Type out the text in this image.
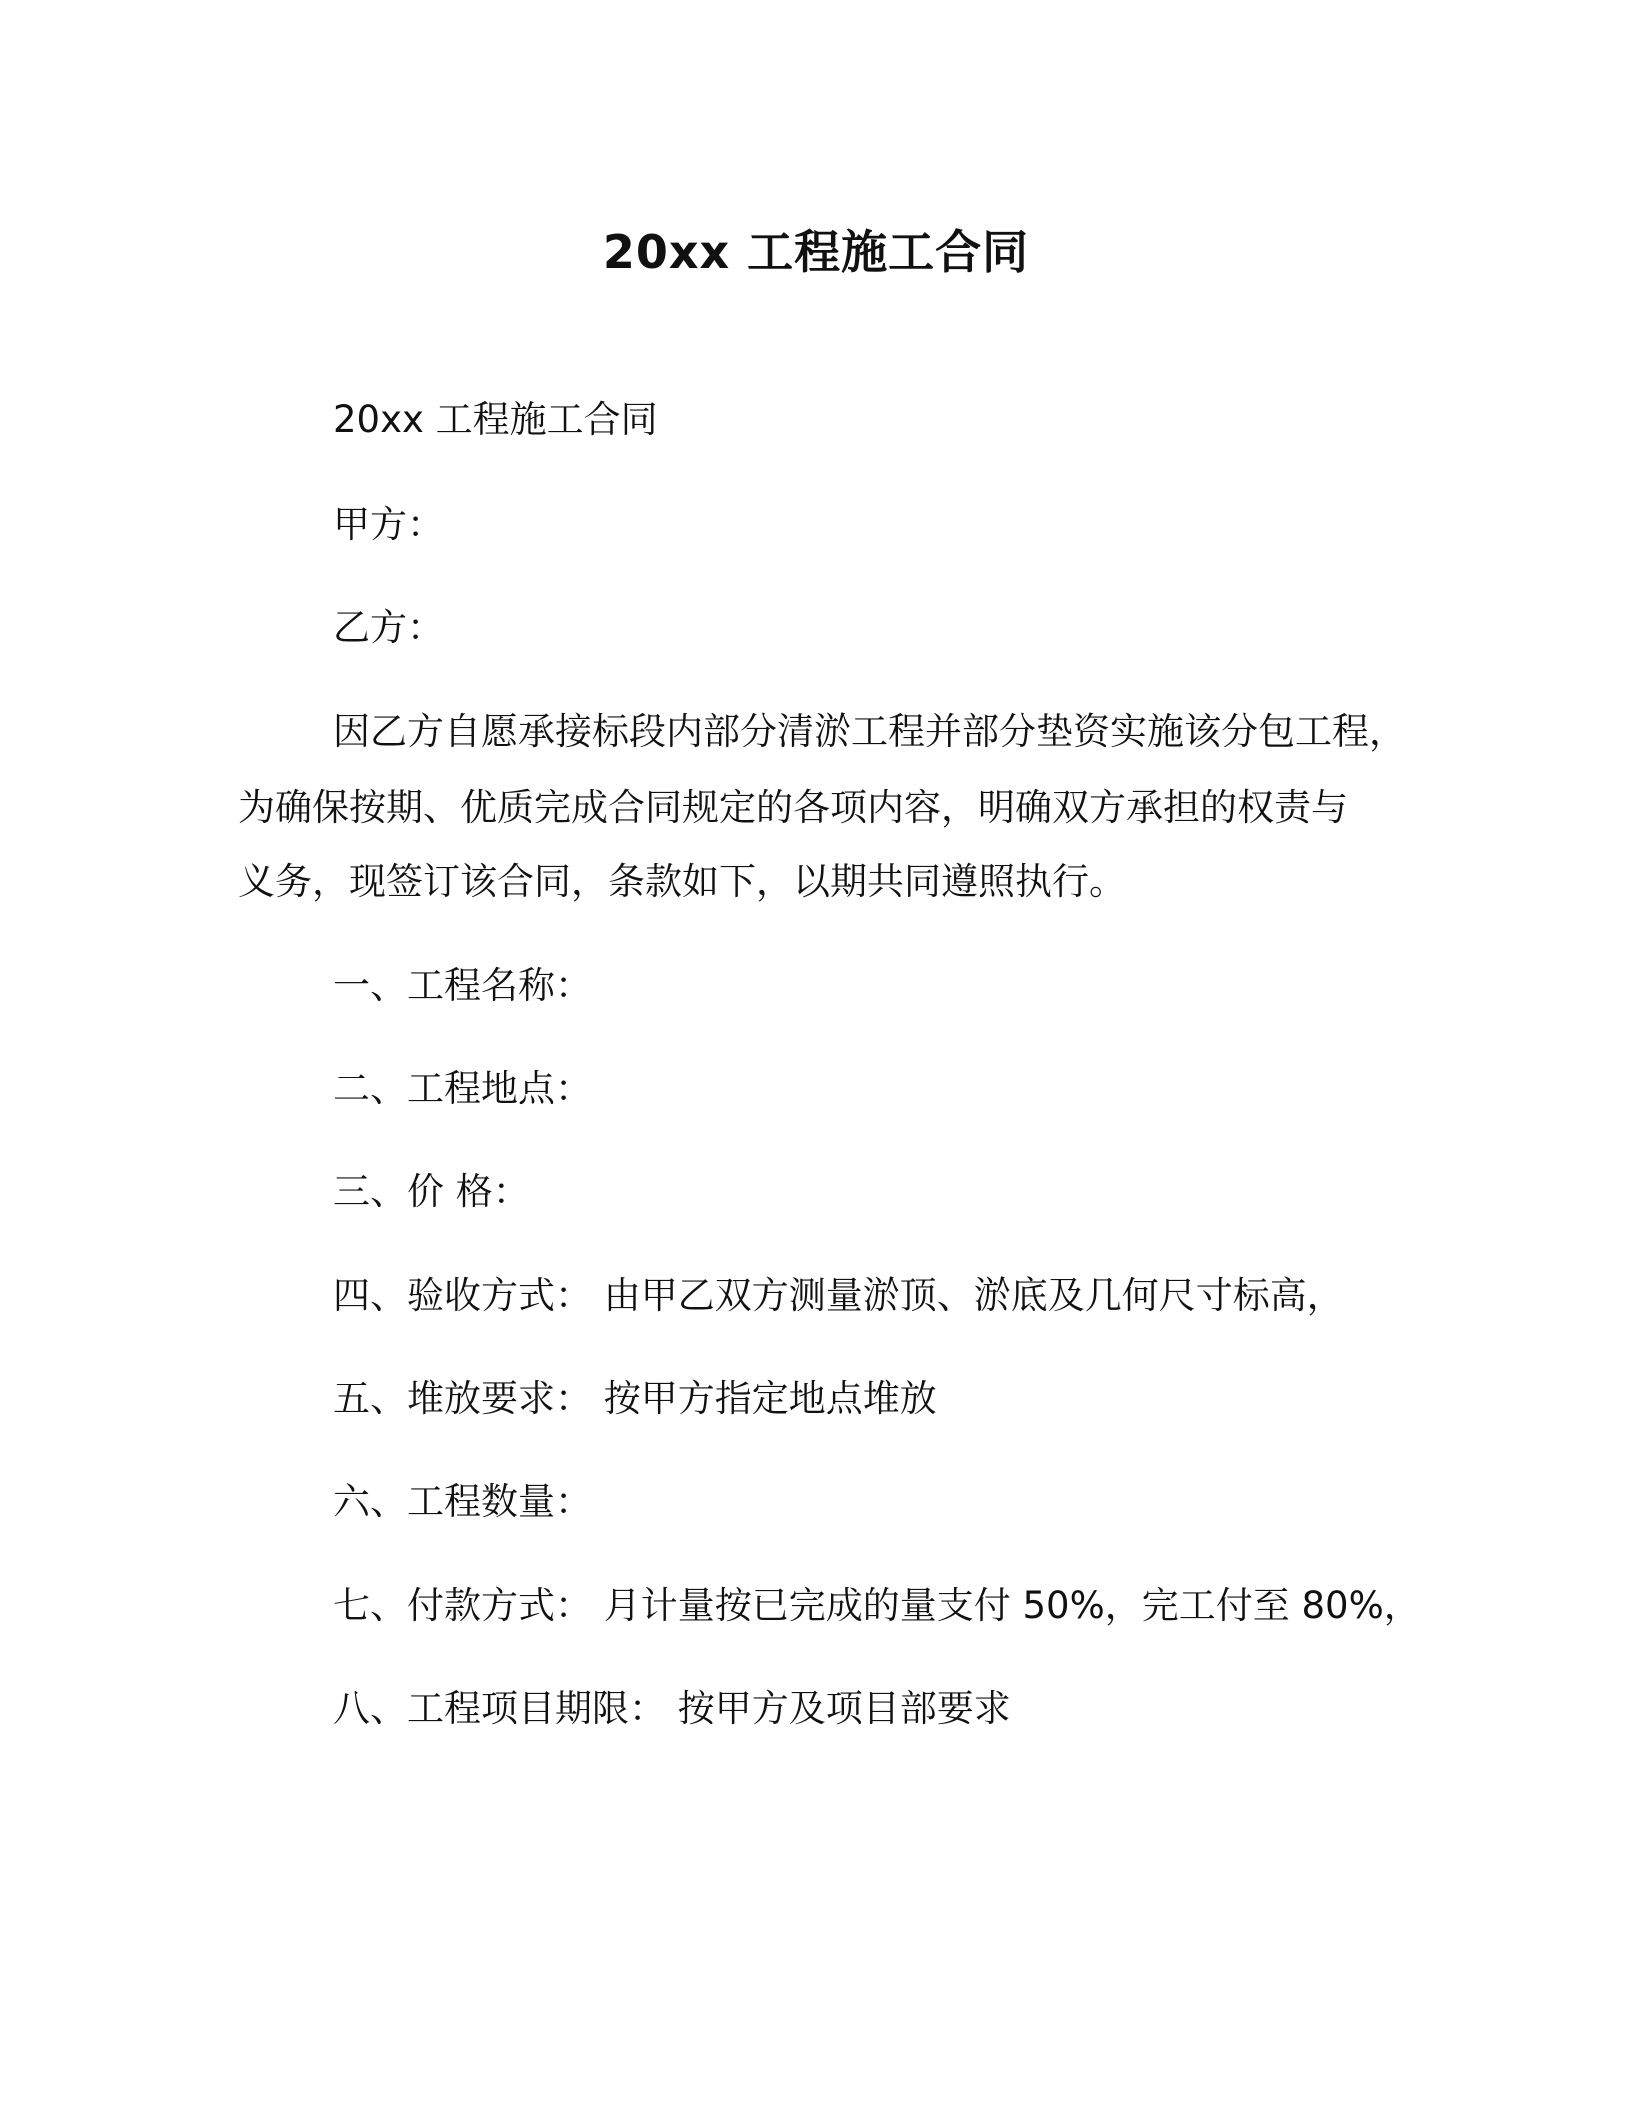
20xx 工程施工合同
20xx 工程施工合同
甲方：
乙方：
因乙方自愿承接标段内部分清淤工程并部分垫资实施该分包工程，
为确保按期、优质完成合同规定的各项内容，明确双方承担的权责与
义务，现签订该合同，条款如下，以期共同遵照执行。
一、工程名称：
二、工程地点：
三、价 格：
四、验收方式： 由甲乙双方测量淤顶、淤底及几何尺寸标高，
五、堆放要求： 按甲方指定地点堆放
六、工程数量：
七、付款方式： 月计量按已完成的量支付 50%，完工付至 80%，
八、工程项目期限： 按甲方及项目部要求
